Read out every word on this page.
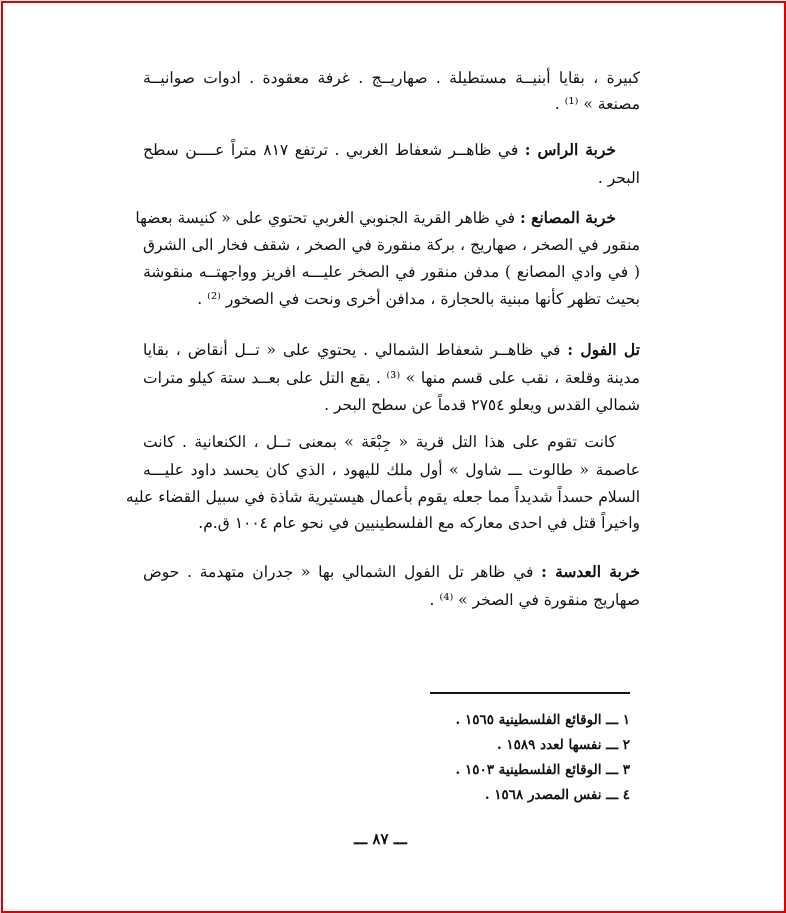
كبيرة ، بقايا أبنيــة مستطيلة . صهاريــج . غرفة معقودة . ادوات صوانيــة
مصنعة » ⁽¹⁾ .
خربة الراس : في ظاهــر شعفاط الغربي . ترتفع ٨١٧ متراً عــــن سطح
البحر .
خربة المصانع : في ظاهر القرية الجنوبي الغربي تحتوي على « كنيسة بعضها
منقور في الصخر ، صهاريج ، بركة منقورة في الصخر ، شقف فخار الى الشرق
( في وادي المصانع ) مدفن منقور في الصخر عليـــه افريز وواجهتــه منقوشة
بحيث تظهر كأنها مبنية بالحجارة ، مدافن أخرى ونحت في الصخور ⁽²⁾ .
تل الفول : في ظاهــر شعفاط الشمالي . يحتوي على « تــل أنقاض ، بقايا
مدينة وقلعة ، نقب على قسم منها » ⁽³⁾ . يقع التل على بعــد ستة كيلو مترات
شمالي القدس ويعلو ٢٧٥٤ قدماً عن سطح البحر .
كانت تقوم على هذا التل قرية « جِبْعَة » بمعنى تــل ، الكنعانية . كانت
عاصمة « طالوت ـــ شاول » أول ملك لليهود ، الذي كان يحسد داود عليـــه
السلام حسداً شديداً مما جعله يقوم بأعمال هيستيرية شاذة في سبيل القضاء عليه
واخيراً قتل في احدى معاركه مع الفلسطينيين في نحو عام ١٠٠٤ ق.م.
خربة العدسة : في ظاهر تل الفول الشمالي بها « جدران متهدمة . حوض
صهاريج منقورة في الصخر » ⁽⁴⁾ .
١ ـــ الوقائع الفلسطينية ١٥٦٥ .
٢ ـــ نفسها لعدد ١٥٨٩ .
٣ ـــ الوقائع الفلسطينية ١٥٠٣ .
٤ ـــ نفس المصدر ١٥٦٨ .
ـــ ٨٧ ـــ
